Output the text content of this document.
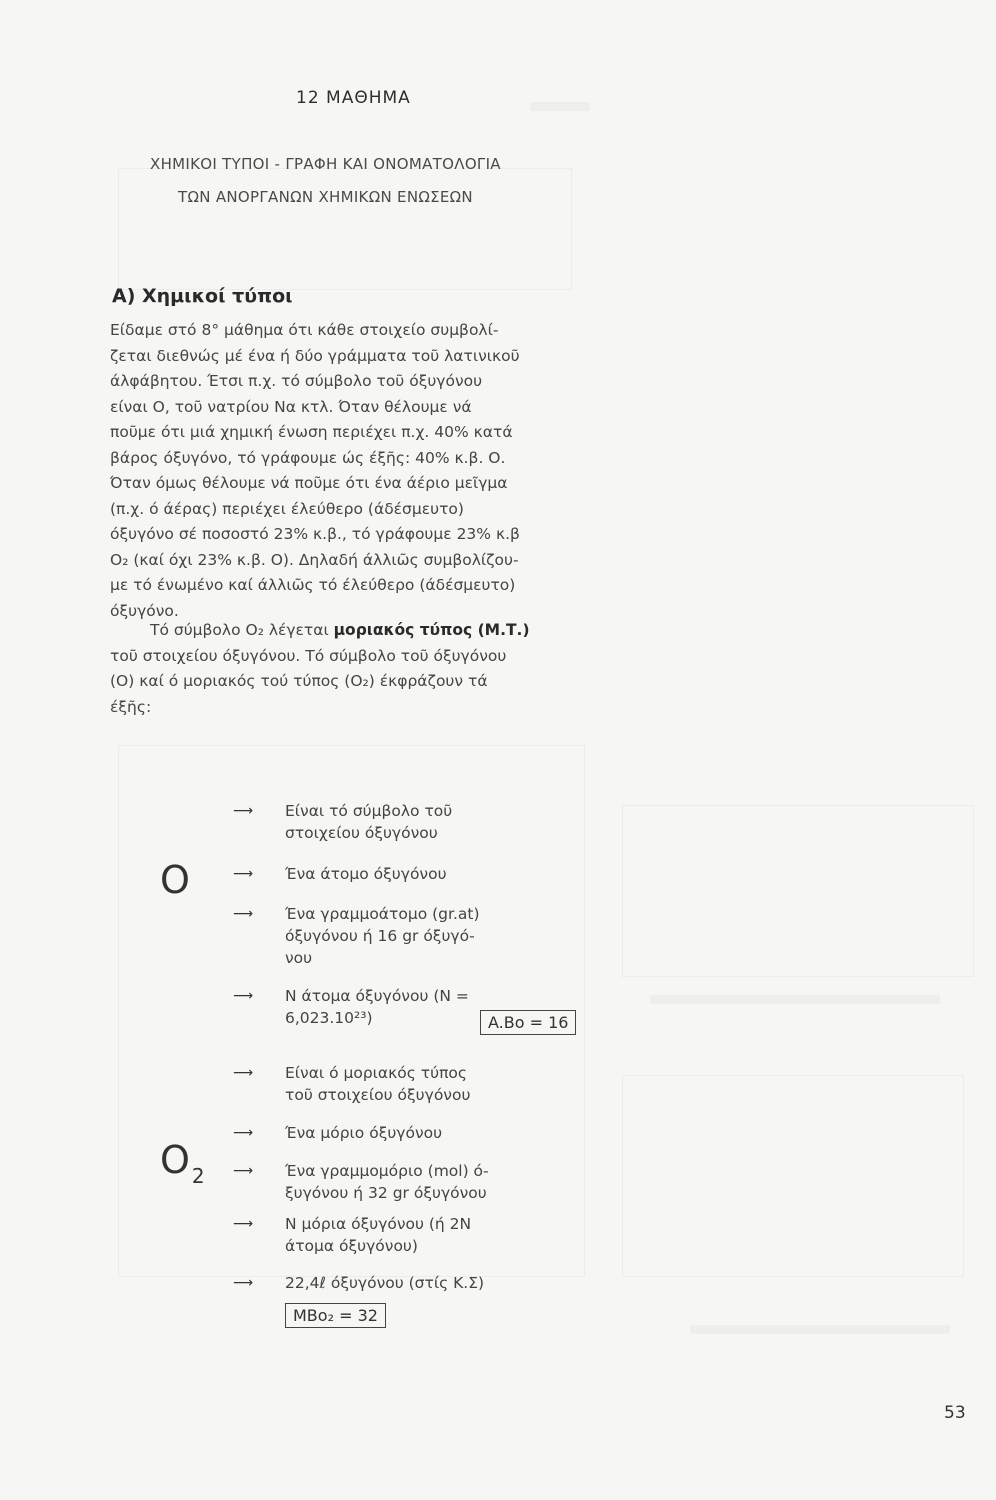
12 ΜΑΘΗΜΑ
ΧΗΜΙΚΟΙ ΤΥΠΟΙ - ΓΡΑΦΗ ΚΑΙ ΟΝΟΜΑΤΟΛΟΓΙΑ
ΤΩΝ ΑΝΟΡΓΑΝΩΝ ΧΗΜΙΚΩΝ ΕΝΩΣΕΩΝ
Α) Χημικοί τύποι
Είδαμε στό 8° μάθημα ότι κάθε στοιχείο συμβολί-
ζεται διεθνώς μέ ένα ή δύο γράμματα τοῦ λατινικοῦ
άλφάβητου. Έτσι π.χ. τό σύμβολο τοῦ όξυγόνου
είναι Ο, τοῦ νατρίου Να κτλ. Όταν θέλουμε νά
ποῦμε ότι μιά χημική ένωση περιέχει π.χ. 40% κατά
βάρος όξυγόνο, τό γράφουμε ώς έξῆς: 40% κ.β. Ο.
Όταν όμως θέλουμε νά ποῦμε ότι ένα άέριο μεῖγμα
(π.χ. ό άέρας) περιέχει έλεύθερο (άδέσμευτο)
όξυγόνο σέ ποσοστό 23% κ.β., τό γράφουμε 23% κ.β
O₂ (καί όχι 23% κ.β. Ο). Δηλαδή άλλιῶς συμβολίζου-
με τό ένωμένο καί άλλιῶς τό έλεύθερο (άδέσμευτο)
όξυγόνο.
Τό σύμβολο O₂ λέγεται μοριακός τύπος (Μ.Τ.)
τοῦ στοιχείου όξυγόνου. Τό σύμβολο τοῦ όξυγόνου
(Ο) καί ό μοριακός τού τύπος (O₂) έκφράζουν τά
έξῆς:
O
⟶ Είναι τό σύμβολο τοῦ
στοιχείου όξυγόνου
⟶ Ένα άτομο όξυγόνου
⟶ Ένα γραμμοάτομο (gr.at)
όξυγόνου ή 16 gr όξυγό-
νου
⟶ N άτομα όξυγόνου (N =
6,023.10²³)	A.Bo = 16
O $_2$
⟶ Είναι ό μοριακός τύπος
τοῦ στοιχείου όξυγόνου
⟶ Ένα μόριο όξυγόνου
⟶ Ένα γραμμομόριο (mol) ό-
ξυγόνου ή 32 gr όξυγόνου
⟶ N μόρια όξυγόνου (ή 2N
άτομα όξυγόνου)
⟶ 22,4ℓ όξυγόνου (στίς Κ.Σ)
MBo₂ = 32
53
